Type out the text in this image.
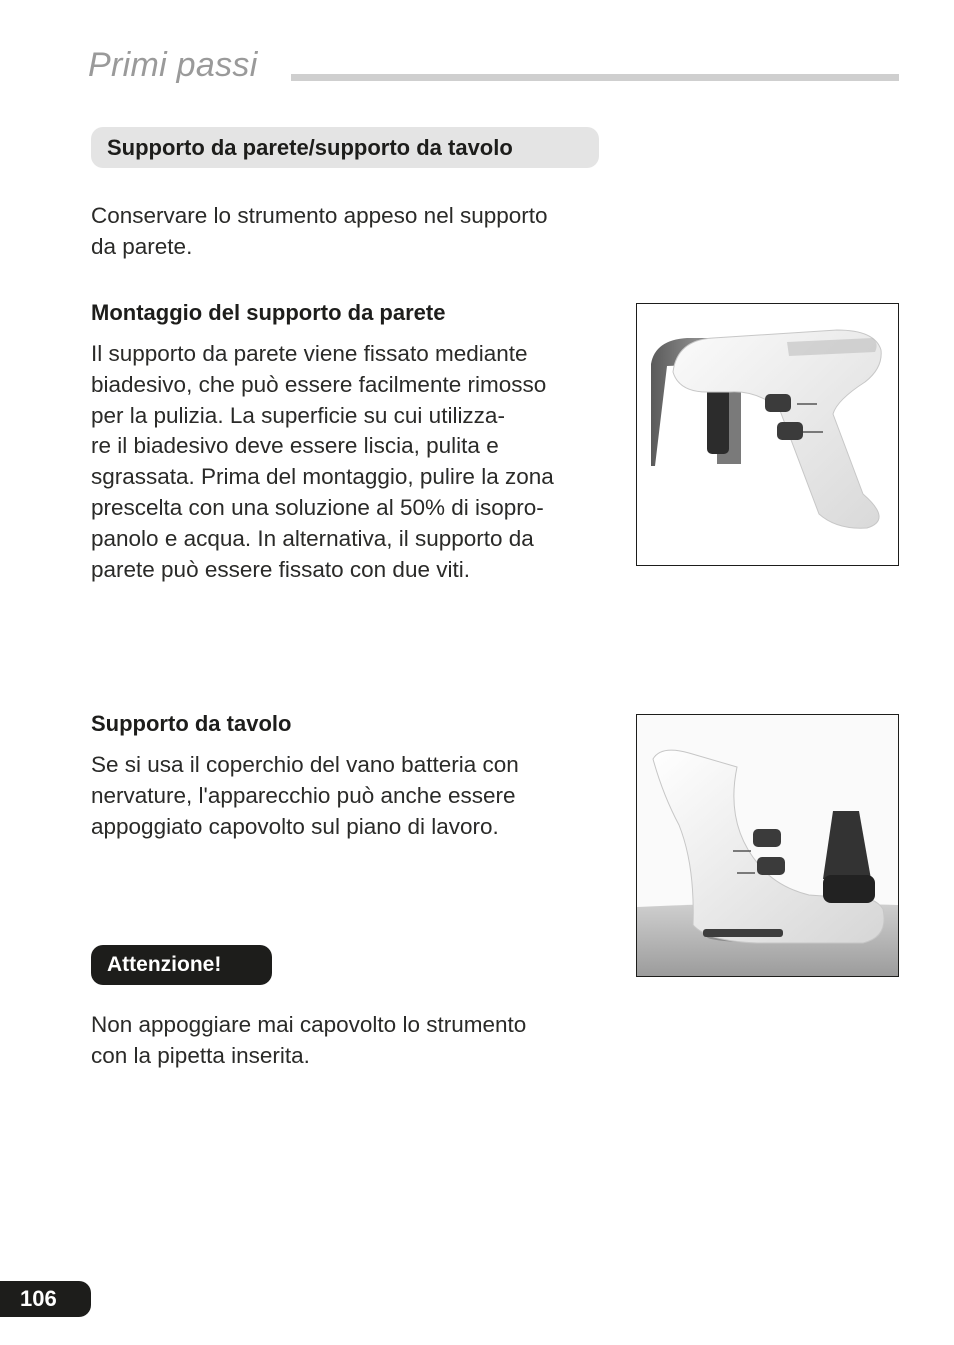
Primi passi
Supporto da parete/supporto da tavolo

Conservare lo strumento appeso nel supporto

da parete.

Montaggio del supporto da parete

Il supporto da parete viene fissato mediante

biadesivo, che può essere facilmente rimosso

per la pulizia. La superficie su cui utilizza-

re il biadesivo deve essere liscia, pulita e

sgrassata. Prima del montaggio, pulire la zona

prescelta con una soluzione al 50% di isopro-

panolo e acqua. In alternativa, il supporto da

parete può essere fissato con due viti.

Supporto da tavolo

Se si usa il coperchio del vano batteria con

nervature, l'apparecchio può anche essere

appoggiato capovolto sul piano di lavoro.

Attenzione!

Non appoggiare mai capovolto lo strumento

con la pipetta inserita.

106
